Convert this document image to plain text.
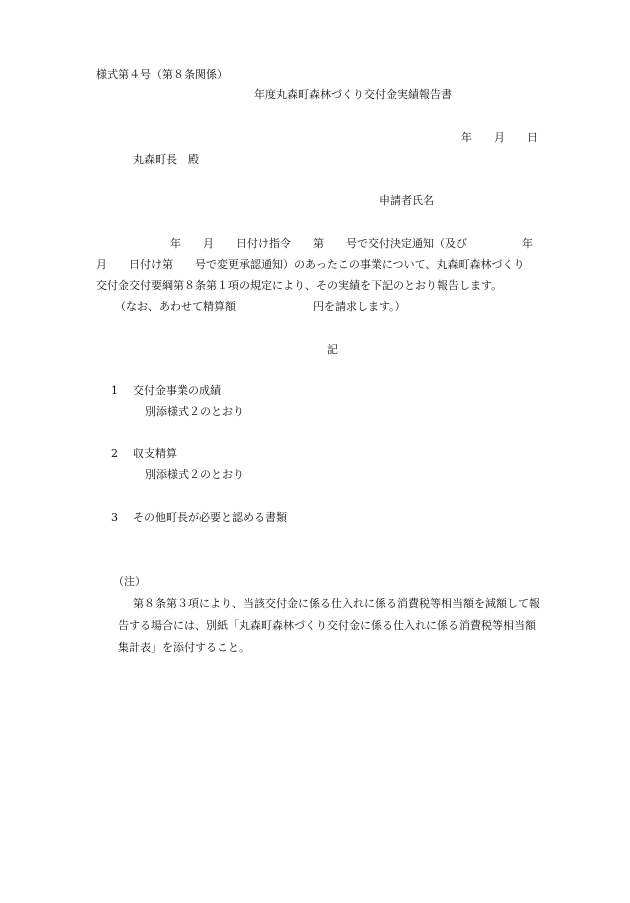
様式第４号（第８条関係）
年度丸森町森林づくり交付金実績報告書
年　　月　　日
丸森町長　殿
申請者氏名
年　　月　　日付け指令　　第　　号で交付決定通知（及び　　　　　年
月　　日付け第　　号で変更承認通知）のあったこの事業について、丸森町森林づくり
交付金交付要綱第８条第１項の規定により、その実績を下記のとおり報告します。
（なお、あわせて精算額　　　　　　　円を請求します。）
記
1 交付金事業の成績
別添様式２のとおり
2 収支精算
別添様式２のとおり
3 その他町長が必要と認める書類
（注）
第８条第３項により、当該交付金に係る仕入れに係る消費税等相当額を減額して報
告する場合には、別紙「丸森町森林づくり交付金に係る仕入れに係る消費税等相当額
集計表」を添付すること。
